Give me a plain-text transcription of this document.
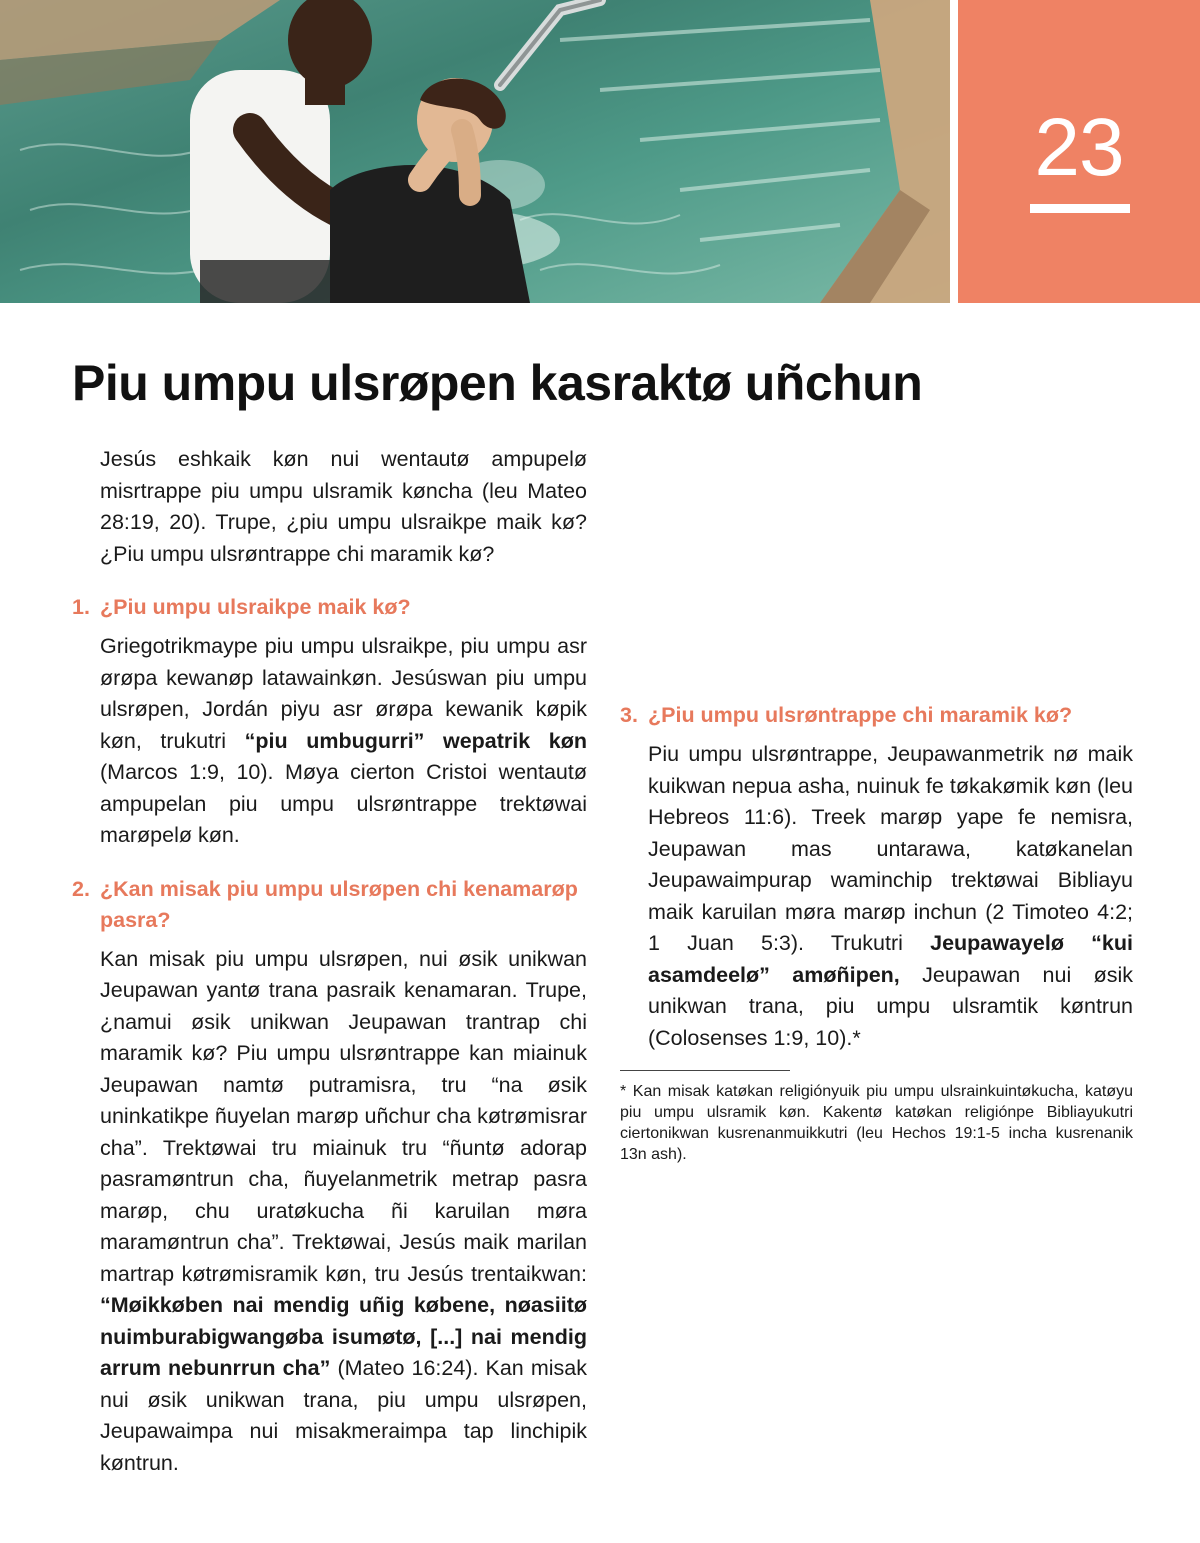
23
Piu umpu ulsrøpen kasraktø uñchun

Jesús eshkaik køn nui wentautø ampupelø misrtrappe piu umpu ulsramik køncha (leu Mateo 28:19, 20). Trupe, ¿piu umpu ulsraikpe maik kø? ¿Piu umpu ulsrøntrappe chi maramik kø?

1. ¿Piu umpu ulsraikpe maik kø?

Griegotrikmaype piu umpu ulsraikpe, piu umpu asr ørøpa kewanøp latawainkøn. Jesúswan piu umpu ulsrøpen, Jordán piyu asr ørøpa kewanik køpik køn, trukutri “piu umbugurri” wepatrik køn (Marcos 1:9, 10). Møya cierton Cristoi wentautø ampupelan piu umpu ulsrøntrappe trektøwai marøpelø køn.

2. ¿Kan misak piu umpu ulsrøpen chi kenamarøp pasra?

Kan misak piu umpu ulsrøpen, nui øsik unikwan Jeupawan yantø trana pasraik kenamaran. Trupe, ¿namui øsik unikwan Jeupawan trantrap chi maramik kø? Piu umpu ulsrøntrappe kan miainuk Jeupawan namtø putramisra, tru “na øsik uninkatikpe ñuyelan marøp uñchur cha køtrømisrar cha”. Trektøwai tru miainuk tru “ñuntø adorap pasramøntrun cha, ñuyelanmetrik metrap pasra marøp, chu uratøkucha ñi karuilan møra maramøntrun cha”. Trektøwai, Jesús maik marilan martrap køtrømisramik køn, tru Jesús trentaikwan: “Møikkøben nai mendig uñig købene, nøasiitø nuimburabigwangøba isumøtø, [...] nai mendig arrum nebunrrun cha” (Mateo 16:24). Kan misak nui øsik unikwan trana, piu umpu ulsrøpen, Jeupawaimpa nui misakmeraimpa tap linchipik køntrun.

3. ¿Piu umpu ulsrøntrappe chi maramik kø?

Piu umpu ulsrøntrappe, Jeupawanmetrik nø maik kuikwan nepua asha, nuinuk fe tøkakømik køn (leu Hebreos 11:6). Treek marøp yape fe nemisra, Jeupawan mas untarawa, katøkanelan Jeupawaimpurap waminchip trektøwai Bibliayu maik karuilan møra marøp inchun (2 Timoteo 4:2; 1 Juan 5:3). Trukutri Jeupawayelø “kui asamdeelø” amøñipen, Jeupawan nui øsik unikwan trana, piu umpu ulsramtik køntrun (Colosenses 1:9, 10).*

* Kan misak katøkan religiónyuik piu umpu ulsrainkuintøkucha, katøyu piu umpu ulsramik køn. Kakentø katøkan religiónpe Bibliayukutri ciertonikwan kusrenanmuikkutri (leu Hechos 19:1-5 incha kusrenanik 13n ash).
